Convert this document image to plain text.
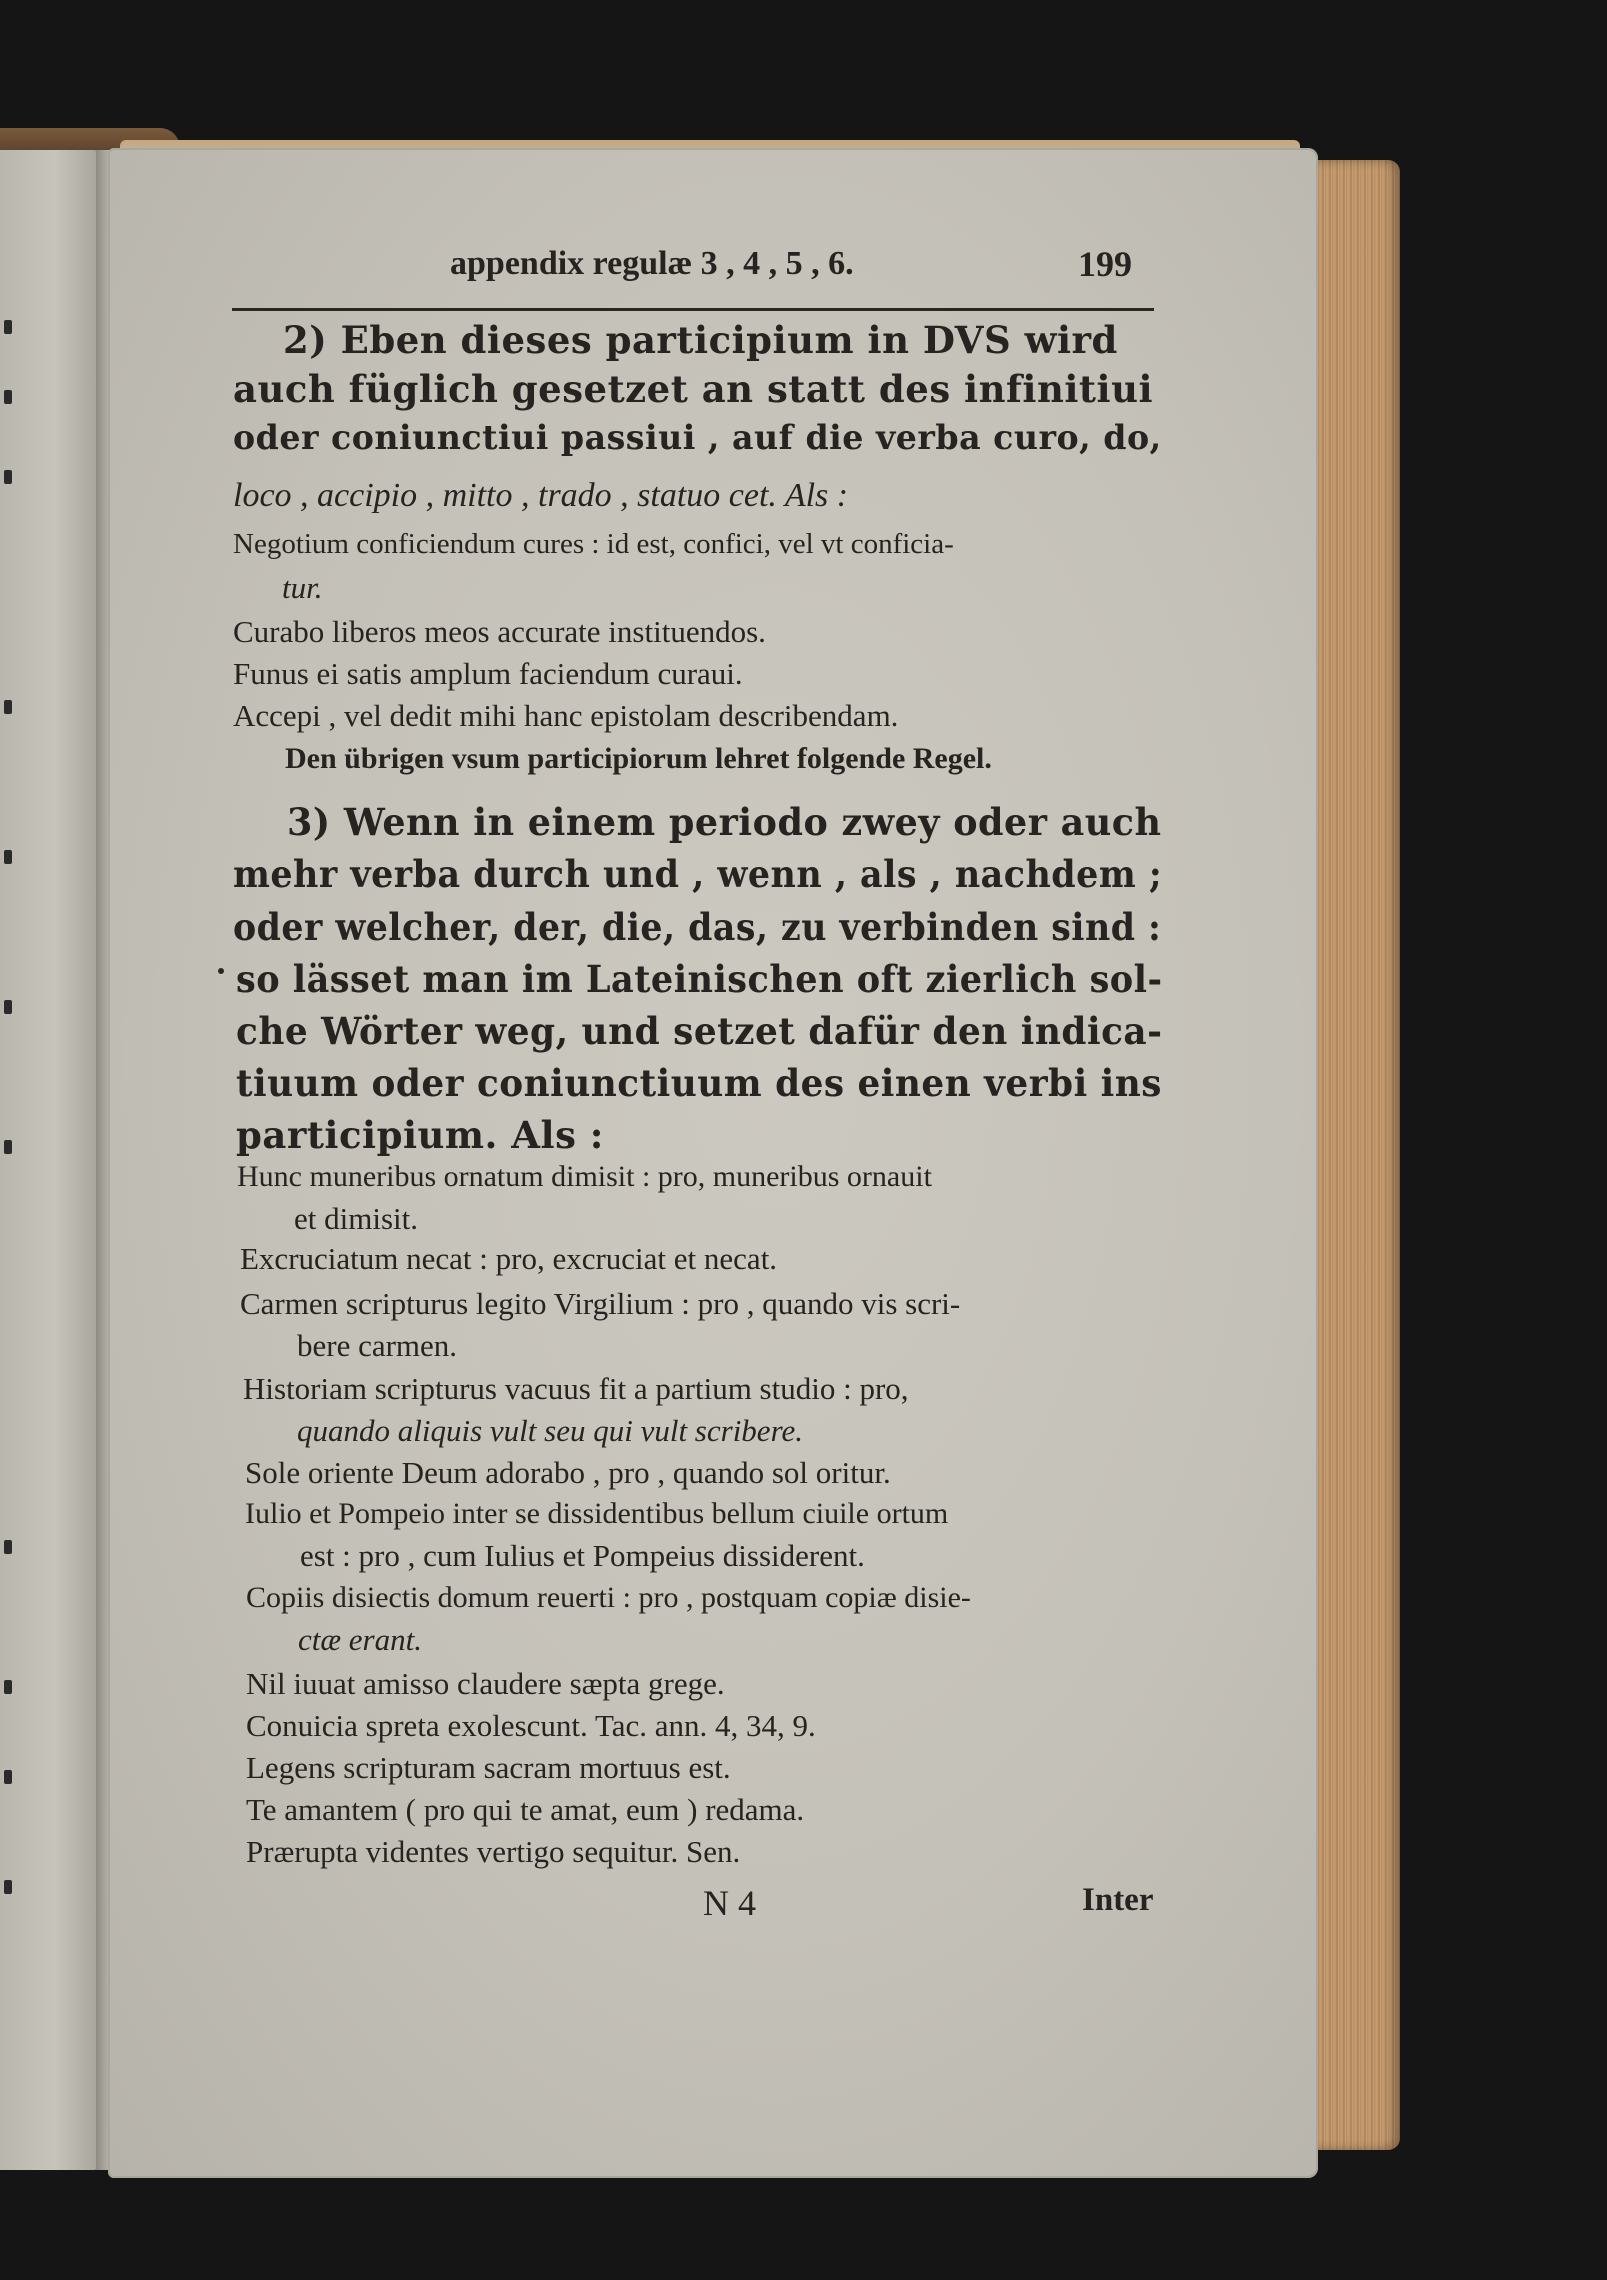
appendix regulæ 3 , 4 , 5 , 6.	199
2) Eben dieses participium in DVS wird
auch füglich gesetzet an statt des infinitiui
oder coniunctiui passiui , auf die verba curo, do,
loco , accipio , mitto , trado , statuo cet. Als :
Negotium conficiendum cures : id est, confici, vel vt conficia-
tur.
Curabo liberos meos accurate instituendos.
Funus ei satis amplum faciendum curaui.
Accepi , vel dedit mihi hanc epistolam describendam.
Den übrigen vsum participiorum lehret folgende Regel.
3) Wenn in einem periodo zwey oder auch
mehr verba durch und , wenn , als , nachdem ;
oder welcher, der, die, das, zu verbinden sind :
so lässet man im Lateinischen oft zierlich sol-
che Wörter weg, und setzet dafür den indica-
tiuum oder coniunctiuum des einen verbi ins
participium. Als :
Hunc muneribus ornatum dimisit : pro, muneribus ornauit
et dimisit.
Excruciatum necat : pro, excruciat et necat.
Carmen scripturus legito Virgilium : pro , quando vis scri-
bere carmen.
Historiam scripturus vacuus fit a partium studio : pro,
quando aliquis vult seu qui vult scribere.
Sole oriente Deum adorabo , pro , quando sol oritur.
Iulio et Pompeio inter se dissidentibus bellum ciuile ortum
est : pro , cum Iulius et Pompeius dissiderent.
Copiis disiectis domum reuerti : pro , postquam copiæ disie-
ctæ erant.
Nil iuuat amisso claudere sæpta grege.
Conuicia spreta exolescunt. Tac. ann. 4, 34, 9.
Legens scripturam sacram mortuus est.
Te amantem ( pro qui te amat, eum ) redama.
Prærupta videntes vertigo sequitur. Sen.
N 4	Inter
